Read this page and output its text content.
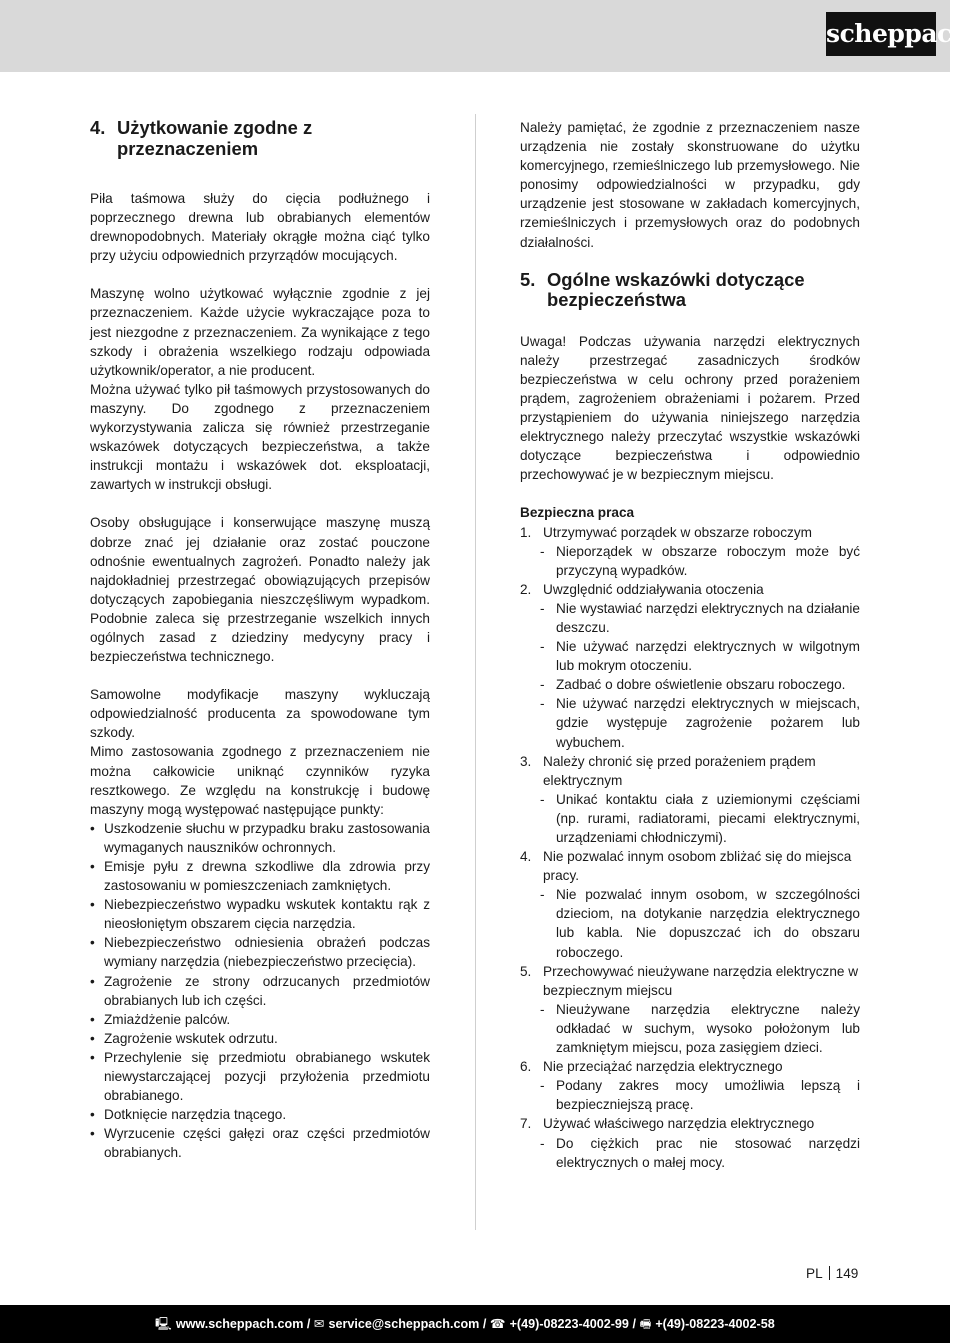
scheppach
4. Użytkowanie zgodne z przeznaczeniem

Piła taśmowa służy do cięcia podłużnego i poprzecznego drewna lub obrabianych elementów drewnopodobnych. Materiały okrągłe można ciąć tylko przy użyciu odpowiednich przyrządów mocujących.

Maszynę wolno użytkować wyłącznie zgodnie z jej przeznaczeniem. Każde użycie wykraczające poza to jest niezgodne z przeznaczeniem. Za wynikające z tego szkody i obrażenia wszelkiego rodzaju odpowiada użytkownik/operator, a nie producent.

Można używać tylko pił taśmowych przystosowanych do maszyny. Do zgodnego z przeznaczeniem wykorzystywania zalicza się również przestrzeganie wskazówek dotyczących bezpieczeństwa, a także instrukcji montażu i wskazówek dot. eksploatacji, zawartych w instrukcji obsługi.

Osoby obsługujące i konserwujące maszynę muszą dobrze znać jej działanie oraz zostać pouczone odnośnie ewentualnych zagrożeń. Ponadto należy jak najdokładniej przestrzegać obowiązujących przepisów dotyczących zapobiegania nieszczęśliwym wypadkom. Podobnie zaleca się przestrzeganie wszelkich innych ogólnych zasad z dziedziny medycyny pracy i bezpieczeństwa technicznego.

Samowolne modyfikacje maszyny wykluczają odpowiedzialność producenta za spowodowane tym szkody.

Mimo zastosowania zgodnego z przeznaczeniem nie można całkowicie uniknąć czynników ryzyka resztkowego. Ze względu na konstrukcję i budowę maszyny mogą występować następujące punkty:

• Uszkodzenie słuchu w przypadku braku zastosowania wymaganych nauszników ochronnych.
• Emisje pyłu z drewna szkodliwe dla zdrowia przy zastosowaniu w pomieszczeniach zamkniętych.
• Niebezpieczeństwo wypadku wskutek kontaktu rąk z nieosłoniętym obszarem cięcia narzędzia.
• Niebezpieczeństwo odniesienia obrażeń podczas wymiany narzędzia (niebezpieczeństwo przecięcia).
• Zagrożenie ze strony odrzucanych przedmiotów obrabianych lub ich części.
• Zmiażdżenie palców.
• Zagrożenie wskutek odrzutu.
• Przechylenie się przedmiotu obrabianego wskutek niewystarczającej pozycji przyłożenia przedmiotu obrabianego.
• Dotknięcie narzędzia tnącego.
• Wyrzucenie części gałęzi oraz części przedmiotów obrabianych.

Należy pamiętać, że zgodnie z przeznaczeniem nasze urządzenia nie zostały skonstruowane do użytku komercyjnego, rzemieślniczego lub przemysłowego. Nie ponosimy odpowiedzialności w przypadku, gdy urządzenie jest stosowane w zakładach komercyjnych, rzemieślniczych i przemysłowych oraz do podobnych działalności.

5. Ogólne wskazówki dotyczące bezpieczeństwa

Uwaga! Podczas używania narzędzi elektrycznych należy przestrzegać zasadniczych środków bezpieczeństwa w celu ochrony przed porażeniem prądem, zagrożeniem obrażeniami i pożarem. Przed przystąpieniem do używania niniejszego narzędzia elektrycznego należy przeczytać wszystkie wskazówki dotyczące bezpieczeństwa i odpowiednio przechowywać je w bezpiecznym miejscu.

Bezpieczna praca
1. Utrzymywać porządek w obszarze roboczym
- Nieporządek w obszarze roboczym może być przyczyną wypadków.
2. Uwzględnić oddziaływania otoczenia
- Nie wystawiać narzędzi elektrycznych na działanie deszczu.
- Nie używać narzędzi elektrycznych w wilgotnym lub mokrym otoczeniu.
- Zadbać o dobre oświetlenie obszaru roboczego.
- Nie używać narzędzi elektrycznych w miejscach, gdzie występuje zagrożenie pożarem lub wybuchem.
3. Należy chronić się przed porażeniem prądem elektrycznym
- Unikać kontaktu ciała z uziemionymi częściami (np. rurami, radiatorami, piecami elektrycznymi, urządzeniami chłodniczymi).
4. Nie pozwalać innym osobom zbliżać się do miejsca pracy.
- Nie pozwalać innym osobom, w szczególności dzieciom, na dotykanie narzędzia elektrycznego lub kabla. Nie dopuszczać ich do obszaru roboczego.
5. Przechowywać nieużywane narzędzia elektryczne w bezpiecznym miejscu
- Nieużywane narzędzia elektryczne należy odkładać w suchym, wysoko położonym lub zamkniętym miejscu, poza zasięgiem dzieci.
6. Nie przeciążać narzędzia elektrycznego
- Podany zakres mocy umożliwia lepszą i bezpieczniejszą pracę.
7. Używać właściwego narzędzia elektrycznego
- Do ciężkich prac nie stosować narzędzi elektrycznych o małej mocy.
PL 149
🖳 www.scheppach.com / ✉ service@scheppach.com / ☎ +(49)-08223-4002-99 / 🖷 +(49)-08223-4002-58
